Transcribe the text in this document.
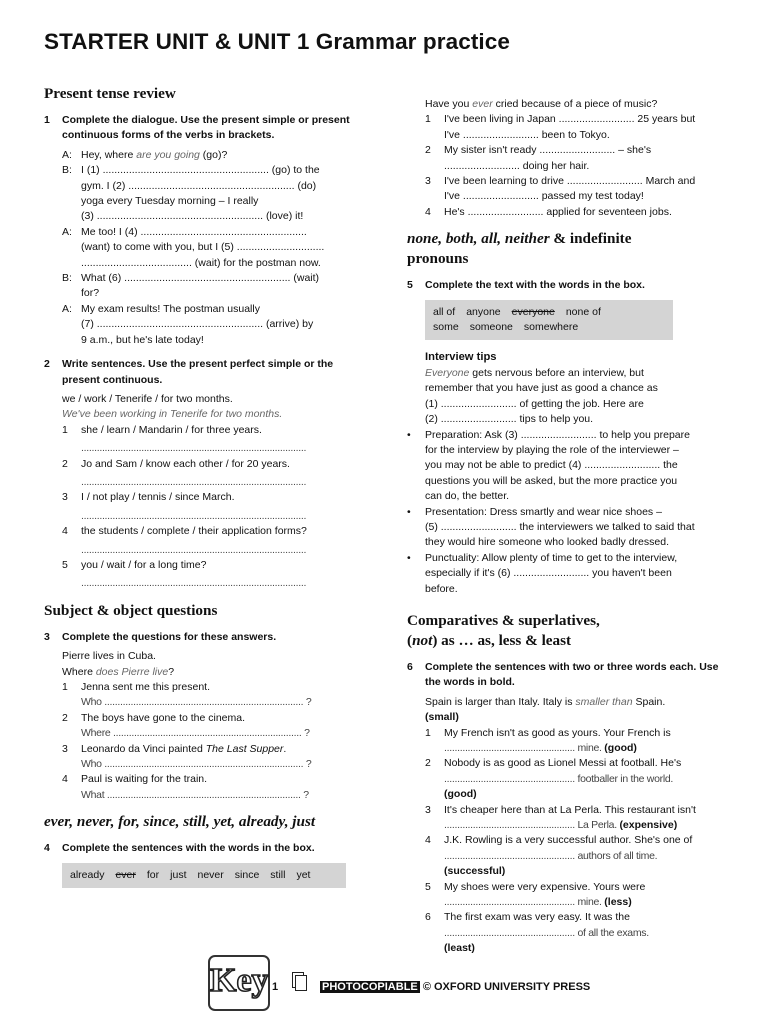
STARTER UNIT & UNIT 1 Grammar practice
Present tense review
1 Complete the dialogue. Use the present simple or present continuous forms of the verbs in brackets.
A: Hey, where are you going (go)?
B: I (1) ......................................................... (go) to the
gym. I (2) ......................................................... (do)
yoga every Tuesday morning – I really
(3) ......................................................... (love) it!
A: Me too! I (4) .........................................................
(want) to come with you, but I (5) ..............................
...................................... (wait) for the postman now.
B: What (6) ......................................................... (wait)
for?
A: My exam results! The postman usually
(7) ......................................................... (arrive) by
9 a.m., but he's late today!
2 Write sentences. Use the present perfect simple or the present continuous.
we / work / Tenerife / for two months.
We've been working in Tenerife for two months.
1 she / learn / Mandarin / for three years.
......................................................................................
2 Jo and Sam / know each other / for 20 years.
......................................................................................
3 I / not play / tennis / since March.
......................................................................................
4 the students / complete / their application forms?
......................................................................................
5 you / wait / for a long time?
......................................................................................
Subject & object questions
3 Complete the questions for these answers.
Pierre lives in Cuba.
Where does Pierre live?
1 Jenna sent me this present.
Who ............................................................................ ?
2 The boys have gone to the cinema.
Where ........................................................................ ?
3 Leonardo da Vinci painted The Last Supper.
Who ............................................................................ ?
4 Paul is waiting for the train.
What .......................................................................... ?
ever, never, for, since, still, yet, already, just
4 Complete the sentences with the words in the box.
already ever for just never since still yet
Have you ever cried because of a piece of music?
1 I've been living in Japan .......................... 25 years but
I've .......................... been to Tokyo.
2 My sister isn't ready .......................... – she's
.......................... doing her hair.
3 I've been learning to drive .......................... March and
I've .......................... passed my test today!
4 He's .......................... applied for seventeen jobs.
none, both, all, neither & indefinite
pronouns
5 Complete the text with the words in the box.
all of anyone everyone none of
some someone somewhere
Interview tips
Everyone gets nervous before an interview, but
remember that you have just as good a chance as
(1) .......................... of getting the job. Here are
(2) .......................... tips to help you.
• Preparation: Ask (3) .......................... to help you prepare
for the interview by playing the role of the interviewer –
you may not be able to predict (4) .......................... the
questions you will be asked, but the more practice you
can do, the better.
• Presentation: Dress smartly and wear nice shoes –
(5) .......................... the interviewers we talked to said that
they would hire someone who looked badly dressed.
• Punctuality: Allow plenty of time to get to the interview,
especially if it's (6) .......................... you haven't been
before.
Comparatives & superlatives,
(not) as … as, less & least
6 Complete the sentences with two or three words each. Use the words in bold.
Spain is larger than Italy. Italy is smaller than Spain.
(small)
1 My French isn't as good as yours. Your French is
.................................................. mine. (good)
2 Nobody is as good as Lionel Messi at football. He's
.................................................. footballer in the world.
(good)
3 It's cheaper here than at La Perla. This restaurant isn't
.................................................. La Perla. (expensive)
4 J.K. Rowling is a very successful author. She's one of
.................................................. authors of all time.
(successful)
5 My shoes were very expensive. Yours were
.................................................. mine. (less)
6 The first exam was very easy. It was the
.................................................. of all the exams.
(least)
Key 1	PHOTOCOPIABLE © OXFORD UNIVERSITY PRESS
